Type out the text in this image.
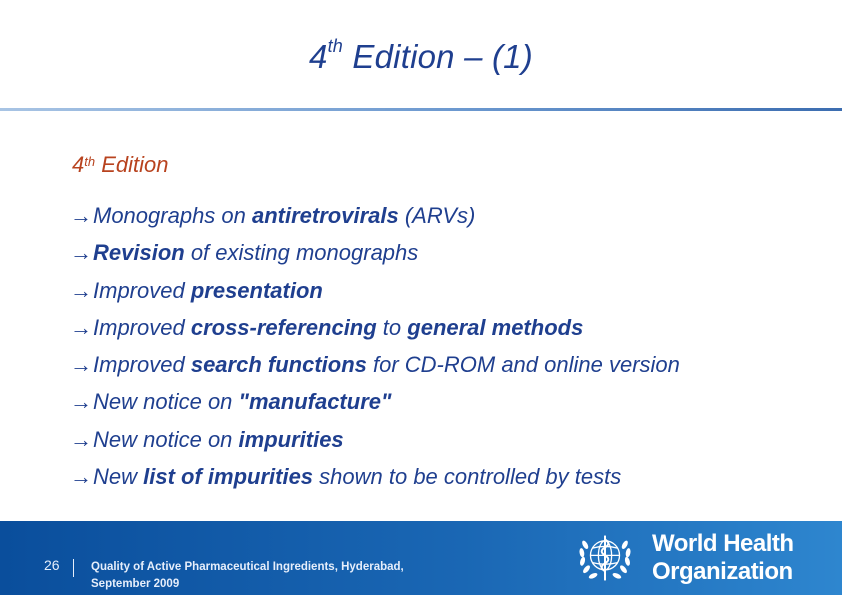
4th Edition – (1)
4th Edition
→Monographs on antiretrovirals (ARVs)
→Revision of existing monographs
→Improved presentation
→Improved cross-referencing to general methods
→Improved search functions for CD-ROM and online version
→New notice on "manufacture"
→New notice on impurities
→New list of impurities shown to be controlled by tests
26	Quality of Active Pharmaceutical Ingredients, Hyderabad,
September 2009
World Health
Organization
